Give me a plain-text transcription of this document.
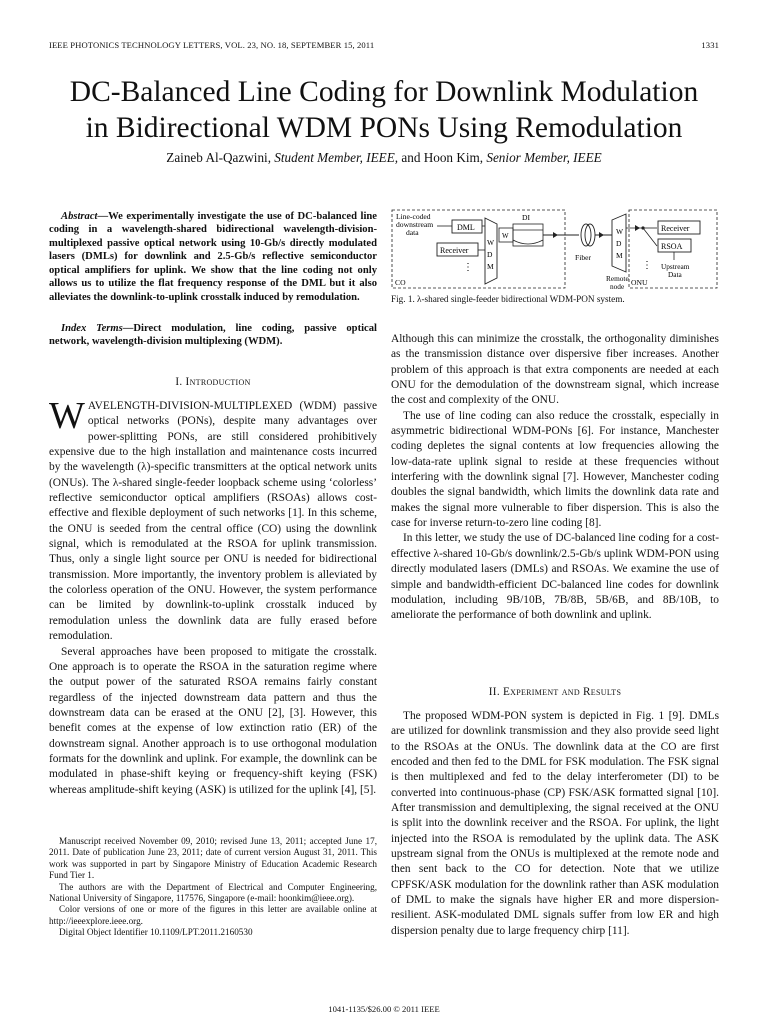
IEEE PHOTONICS TECHNOLOGY LETTERS, VOL. 23, NO. 18, SEPTEMBER 15, 2011	1331
DC-Balanced Line Coding for Downlink Modulation
in Bidirectional WDM PONs Using Remodulation
Zaineb Al-Qazwini, Student Member, IEEE, and Hoon Kim, Senior Member, IEEE

Abstract—We experimentally investigate the use of DC-balanced line coding in a wavelength-shared bidirectional wavelength-division-multiplexed passive optical network using 10-Gb/s directly modulated lasers (DMLs) for downlink and 2.5-Gb/s reflective semiconductor optical amplifiers for uplink. We show that the line coding not only allows us to utilize the flat frequency response of the DML but it also alleviates the downlink-to-uplink crosstalk induced by remodulation.

Index Terms—Direct modulation, line coding, passive optical network, wavelength-division multiplexing (WDM).

I. Introduction

WAVELENGTH-DIVISION-MULTIPLEXED (WDM) passive optical networks (PONs), despite many advantages over power-splitting PONs, are still considered prohibitively expensive due to the high installation and maintenance costs incurred by the wavelength (λ)-specific transmitters at the optical network units (ONUs). The λ-shared single-feeder loopback scheme using ‘colorless’ reflective semiconductor optical amplifiers (RSOAs) allows cost-effective and flexible deployment of such networks [1]. In this scheme, the ONU is seeded from the central office (CO) using the downlink signal, which is remodulated at the RSOA for uplink transmission. Thus, only a single light source per ONU is needed for bidirectional transmission. More importantly, the inventory problem is alleviated by the colorless operation of the ONU. However, the system performance can be limited by downlink-to-uplink crosstalk induced by remodulation unless the downlink data are fully erased before remodulation.

Several approaches have been proposed to mitigate the crosstalk. One approach is to operate the RSOA in the saturation regime where the output power of the saturated RSOA remains fairly constant regardless of the injected downstream data pattern and thus the downstream data can be erased at the ONU [2], [3]. However, this benefit comes at the expense of low extinction ratio (ER) of the downstream signal. Another approach is to use orthogonal modulation formats for the downlink and uplink. For example, the downlink can be modulated in phase-shift keying or frequency-shift keying (FSK) whereas amplitude-shift keying (ASK) is utilized for the uplink [4], [5].

Manuscript received November 09, 2010; revised June 13, 2011; accepted June 17, 2011. Date of publication June 23, 2011; date of current version August 31, 2011. This work was supported in part by Singapore Ministry of Education Academic Research Fund Tier 1.

The authors are with the Department of Electrical and Computer Engineering, National University of Singapore, 117576, Singapore (e-mail: hoonkim@ieee.org).

Color versions of one or more of the figures in this letter are available online at http://ieeexplore.ieee.org.

Digital Object Identifier 10.1109/LPT.2011.2160530

Line-coded
downstream
data
DML
Receiver
⋮
W
D
M
W
DI
Fiber
W
D
M
Remote
node
⋮
Receiver
RSOA
Upstream
Data
CO	ONU
Fig. 1. λ-shared single-feeder bidirectional WDM-PON system.

Although this can minimize the crosstalk, the orthogonality diminishes as the transmission distance over dispersive fiber increases. Another problem of this approach is that extra components are needed at each ONU for the demodulation of the downstream signal, which increase the cost and complexity of the ONU.

The use of line coding can also reduce the crosstalk, especially in asymmetric bidirectional WDM-PONs [6]. For instance, Manchester coding depletes the signal contents at low frequencies allowing the low-data-rate uplink signal to reside at these frequencies without interfering with the downlink signal [7]. However, Manchester coding doubles the signal bandwidth, which limits the downlink data rate and makes the signal more vulnerable to fiber dispersion. This is also the case for inverse return-to-zero line coding [8].

In this letter, we study the use of DC-balanced line coding for a cost-effective λ-shared 10-Gb/s downlink/2.5-Gb/s uplink WDM-PON using directly modulated lasers (DMLs) and RSOAs. We examine the use of simple and bandwidth-efficient DC-balanced line codes for downlink modulation, including 9B/10B, 7B/8B, 5B/6B, and 8B/10B, to ameliorate the performance of both downlink and uplink.

II. Experiment and Results

The proposed WDM-PON system is depicted in Fig. 1 [9]. DMLs are utilized for downlink transmission and they also provide seed light to the RSOAs at the ONUs. The downlink data at the CO are first encoded and then fed to the DML for FSK modulation. The FSK signal is then multiplexed and fed to the delay interferometer (DI) to be converted into continuous-phase (CP) FSK/ASK formatted signal [10]. After transmission and demultiplexing, the signal received at the ONU is split into the downlink receiver and the RSOA. For uplink, the light injected into the RSOA is remodulated by the uplink data. The ASK upstream signal from the ONUs is multiplexed at the remote node and then sent back to the CO for detection. Note that we utilize CPFSK/ASK modulation for the downlink rather than ASK modulation of DML to make the signals have higher ER and more dispersion-resilient. ASK-modulated DML signals suffer from low ER and high dispersion penalty due to large frequency chirp [11].

1041-1135/$26.00 © 2011 IEEE
